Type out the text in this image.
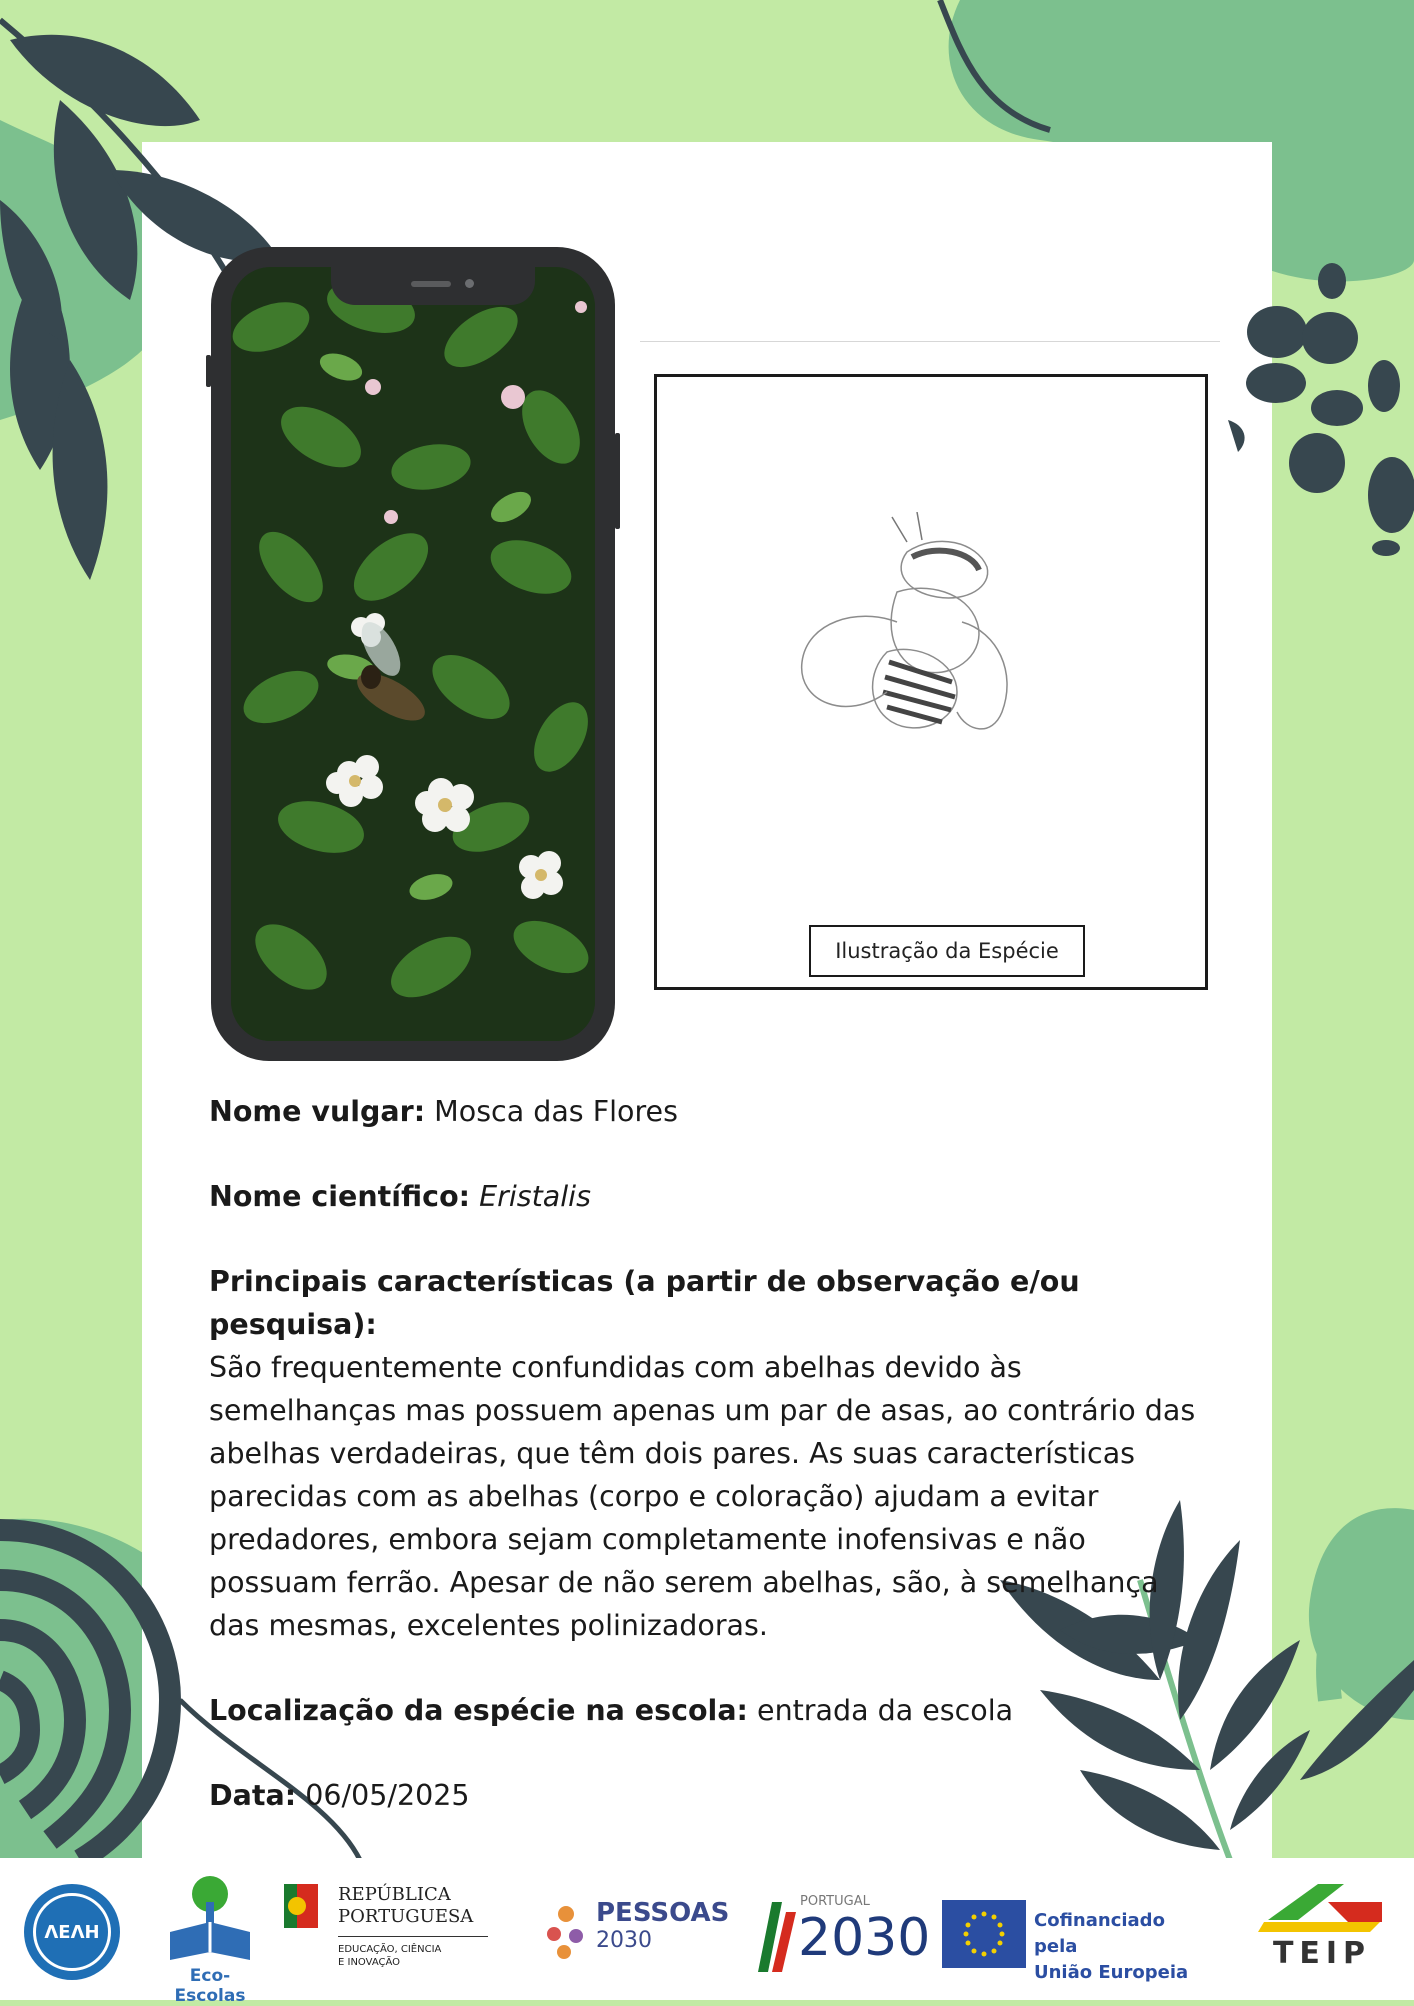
Ilustração da Espécie

Nome vulgar: Mosca das Flores

Nome científico: Eristalis

Principais características (a partir de observação e/ou pesquisa):
São frequentemente confundidas com abelhas devido às
semelhanças mas possuem apenas um par de asas, ao contrário das
abelhas verdadeiras, que têm dois pares. As suas características
parecidas com as abelhas (corpo e coloração) ajudam a evitar
predadores, embora sejam completamente inofensivas e não
possuam ferrão. Apesar de não serem abelhas, são, à semelhança
das mesmas, excelentes polinizadoras.

Localização da espécie na escola: entrada da escola

Data: 06/05/2025

ΛEΛH
Eco-Escolas
REPÚBLICA
PORTUGUESA
EDUCAÇÃO, CIÊNCIA
E INOVAÇÃO
PESSOAS
2030
PORTUGAL
2030	Cofinanciado pela
União Europeia
TEIP
